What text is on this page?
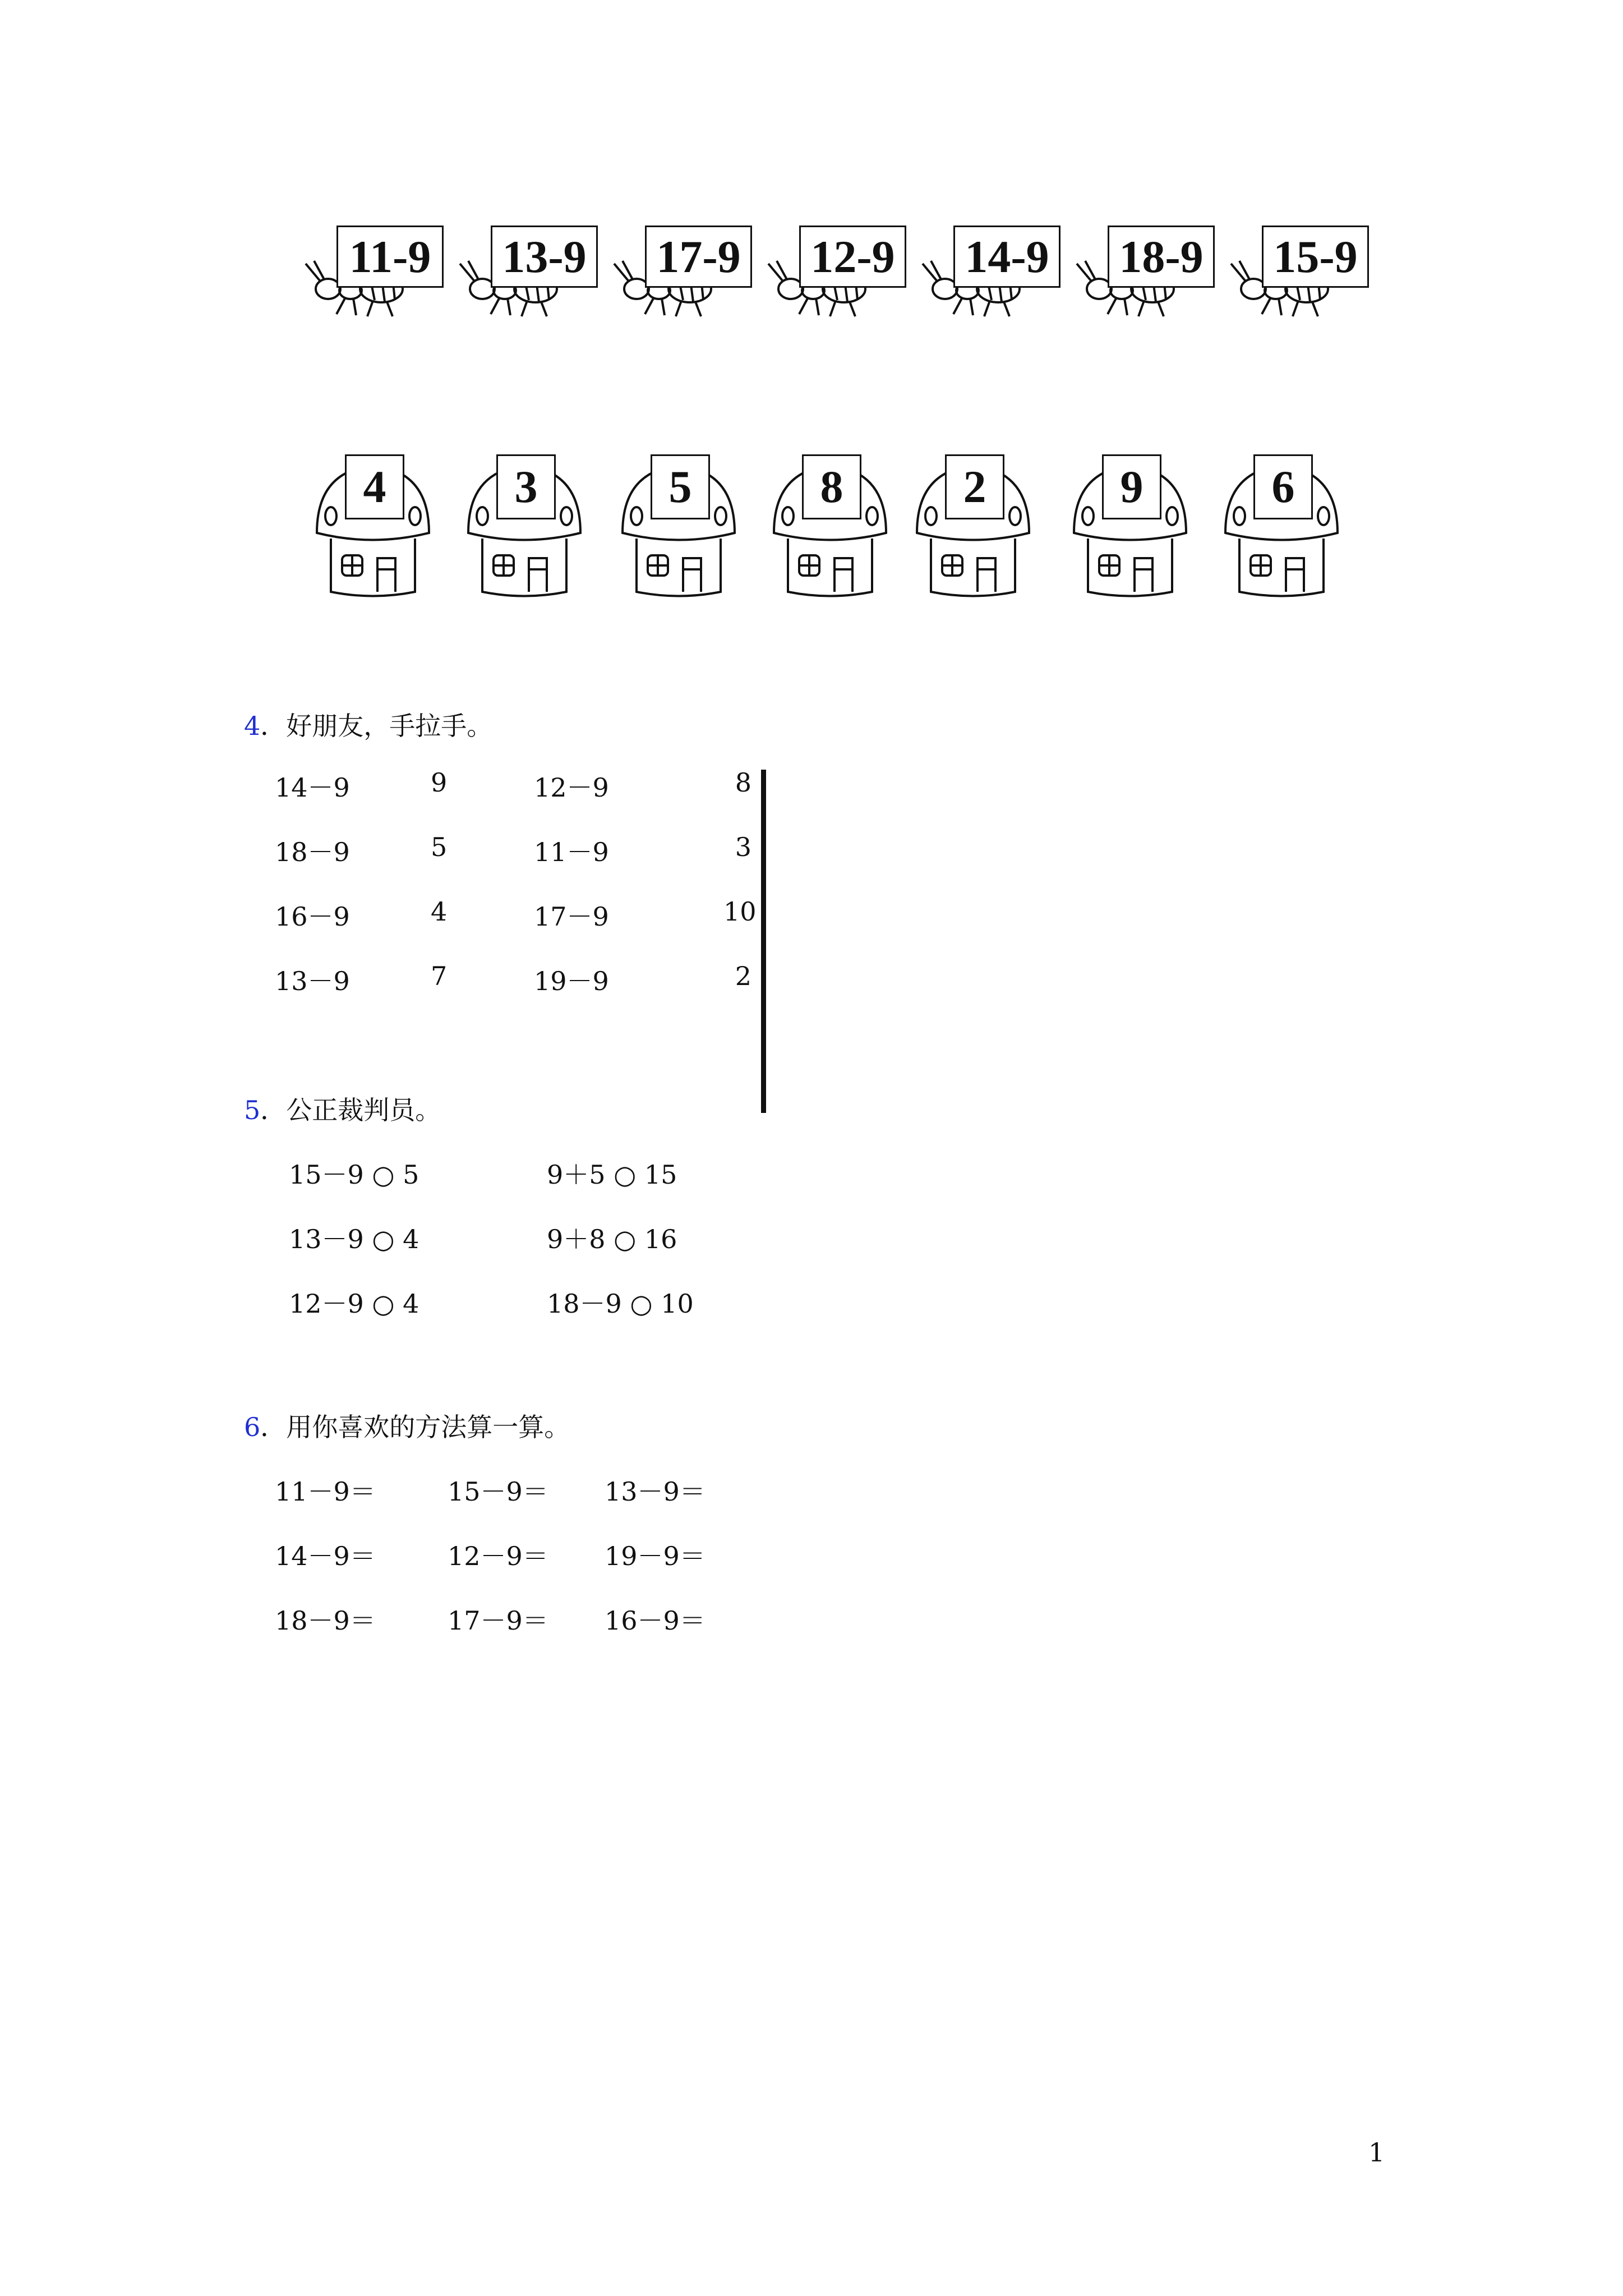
11-9 13-9 17-9 12-9 14-9 18-9 15-9
4	3	5	8	2	9	6
4．好朋友，手拉手。
14－9	9	12－9	8
18－9	5	11－9	3
16－9	4	17－9	10
13－9	7	19－9	2
5．公正裁判员。
15－9 ○ 5	9＋5 ○ 15
13－9 ○ 4	9＋8 ○ 16
12－9 ○ 4	18－9 ○ 10
6．用你喜欢的方法算一算。
11－9＝	15－9＝ 13－9＝
14－9＝	12－9＝ 19－9＝
18－9＝	17－9＝ 16－9＝
1
